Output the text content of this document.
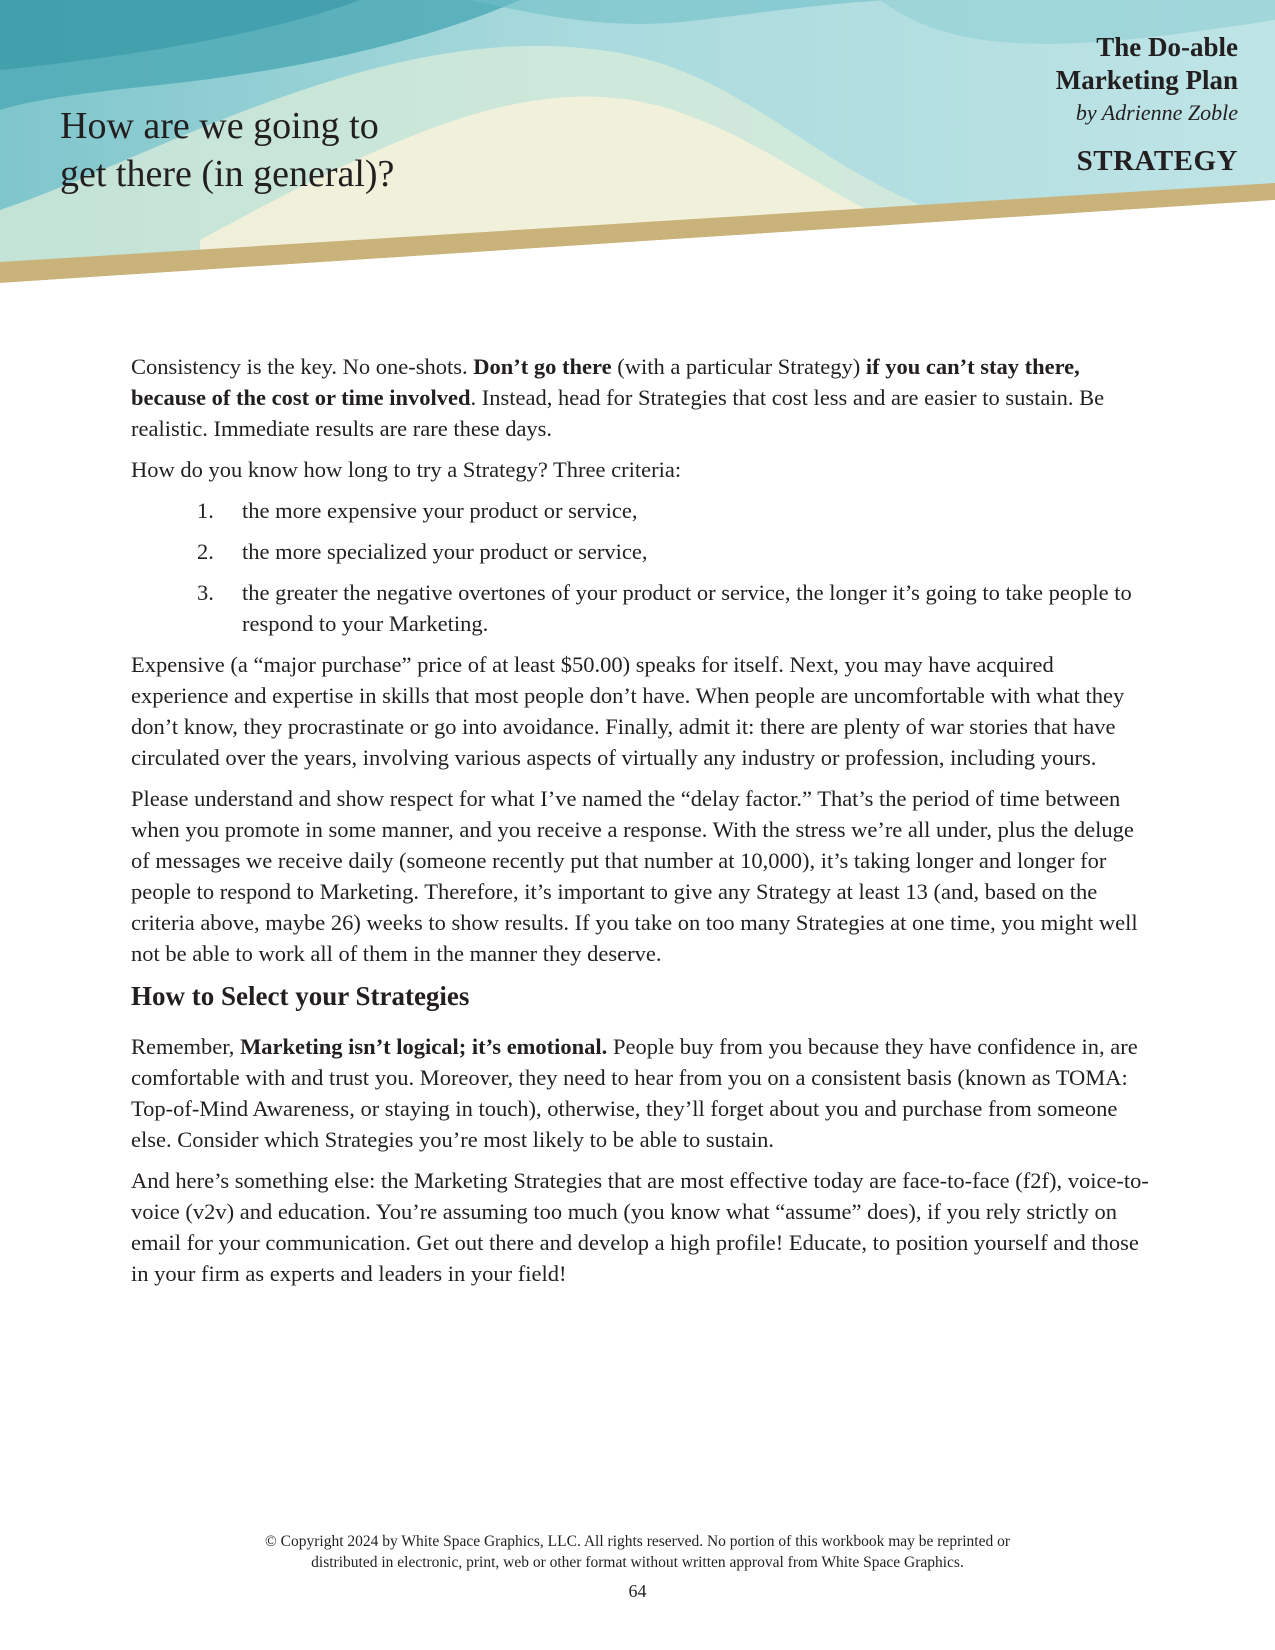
How are we going to
get there (in general)?
The Do-able
Marketing Plan
by Adrienne Zoble
STRATEGY

Consistency is the key. No one-shots. Don’t go there (with a particular Strategy) if you can’t stay there, because of the cost or time involved. Instead, head for Strategies that cost less and are easier to sustain. Be realistic. Immediate results are rare these days.

How do you know how long to try a Strategy? Three criteria:

1. the more expensive your product or service,
2. the more specialized your product or service,
3. the greater the negative overtones of your product or service, the longer it’s going to take people to respond to your Marketing.

Expensive (a “major purchase” price of at least $50.00) speaks for itself. Next, you may have acquired experience and expertise in skills that most people don’t have. When people are uncomfortable with what they don’t know, they procrastinate or go into avoidance. Finally, admit it: there are plenty of war stories that have circulated over the years, involving various aspects of virtually any industry or profession, including yours.

Please understand and show respect for what I’ve named the “delay factor.” That’s the period of time between when you promote in some manner, and you receive a response. With the stress we’re all under, plus the deluge of messages we receive daily (someone recently put that number at 10,000), it’s taking longer and longer for people to respond to Marketing. Therefore, it’s important to give any Strategy at least 13 (and, based on the criteria above, maybe 26) weeks to show results. If you take on too many Strategies at one time, you might well not be able to work all of them in the manner they deserve.

How to Select your Strategies

Remember, Marketing isn’t logical; it’s emotional. People buy from you because they have confidence in, are comfortable with and trust you. Moreover, they need to hear from you on a consistent basis (known as TOMA: Top-of-Mind Awareness, or staying in touch), otherwise, they’ll forget about you and purchase from someone else. Consider which Strategies you’re most likely to be able to sustain.

And here’s something else: the Marketing Strategies that are most effective today are face-to-face (f2f), voice-to-voice (v2v) and education. You’re assuming too much (you know what “assume” does), if you rely strictly on email for your communication. Get out there and develop a high profile! Educate, to position yourself and those in your firm as experts and leaders in your field!

© Copyright 2024 by White Space Graphics, LLC. All rights reserved. No portion of this workbook may be reprinted or
distributed in electronic, print, web or other format without written approval from White Space Graphics.
64
